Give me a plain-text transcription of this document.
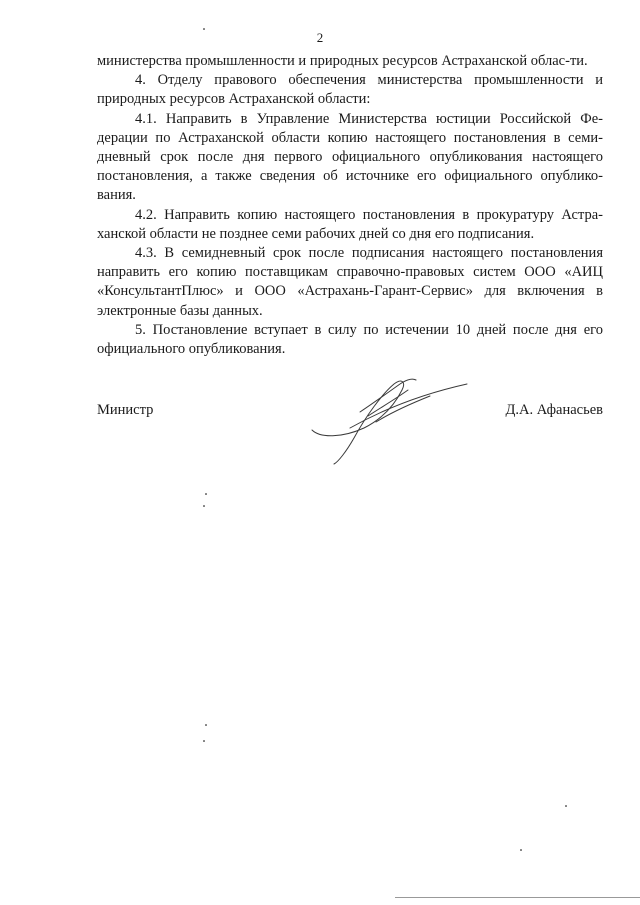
2

министерства промышленности и природных ресурсов Астраханской облас-ти.

4. Отделу правового обеспечения министерства промышленности и природных ресурсов Астраханской области:

4.1. Направить в Управление Министерства юстиции Российской Фе-дерации по Астраханской области копию настоящего постановления в семи-дневный срок после дня первого официального опубликования настоящего постановления, а также сведения об источнике его официального опублико-вания.

4.2. Направить копию настоящего постановления в прокуратуру Астра-ханской области не позднее семи рабочих дней со дня его подписания.

4.3. В семидневный срок после подписания настоящего постановления направить его копию поставщикам справочно-правовых систем ООО «АИЦ «КонсультантПлюс» и ООО «Астрахань-Гарант-Сервис» для включения в электронные базы данных.

5. Постановление вступает в силу по истечении 10 дней после дня его официального опубликования.

Министр	Д.А. Афанасьев
